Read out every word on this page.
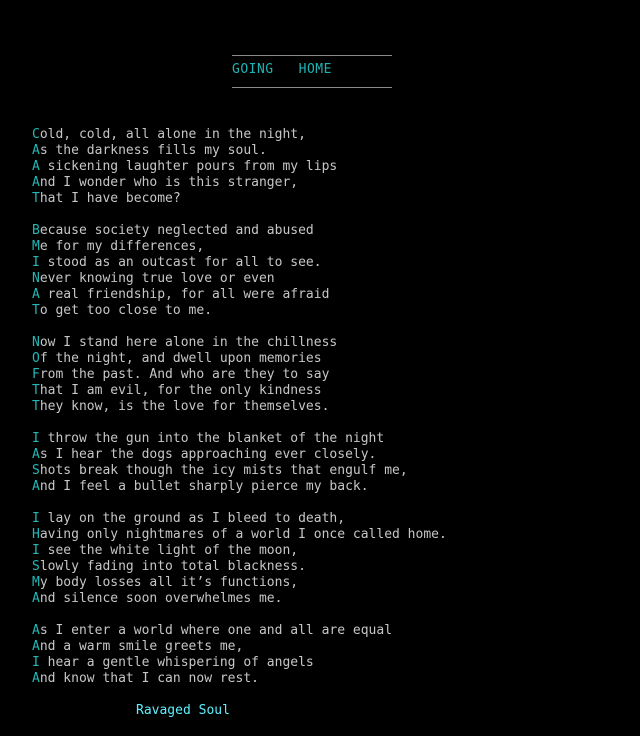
GOING   HOME
Cold, cold, all alone in the night,
As the darkness fills my soul.
A sickening laughter pours from my lips
And I wonder who is this stranger,
That I have become?
Because society neglected and abused
Me for my differences,
I stood as an outcast for all to see.
Never knowing true love or even
A real friendship, for all were afraid
To get too close to me.
Now I stand here alone in the chillness
Of the night, and dwell upon memories
From the past. And who are they to say
That I am evil, for the only kindness
They know, is the love for themselves.
I throw the gun into the blanket of the night
As I hear the dogs approaching ever closely.
Shots break though the icy mists that engulf me,
And I feel a bullet sharply pierce my back.
I lay on the ground as I bleed to death,
Having only nightmares of a world I once called home.
I see the white light of the moon,
Slowly fading into total blackness.
My body losses all it’s functions,
And silence soon overwhelmes me.
As I enter a world where one and all are equal
And a warm smile greets me,
I hear a gentle whispering of angels
And know that I can now rest.
Ravaged Soul
